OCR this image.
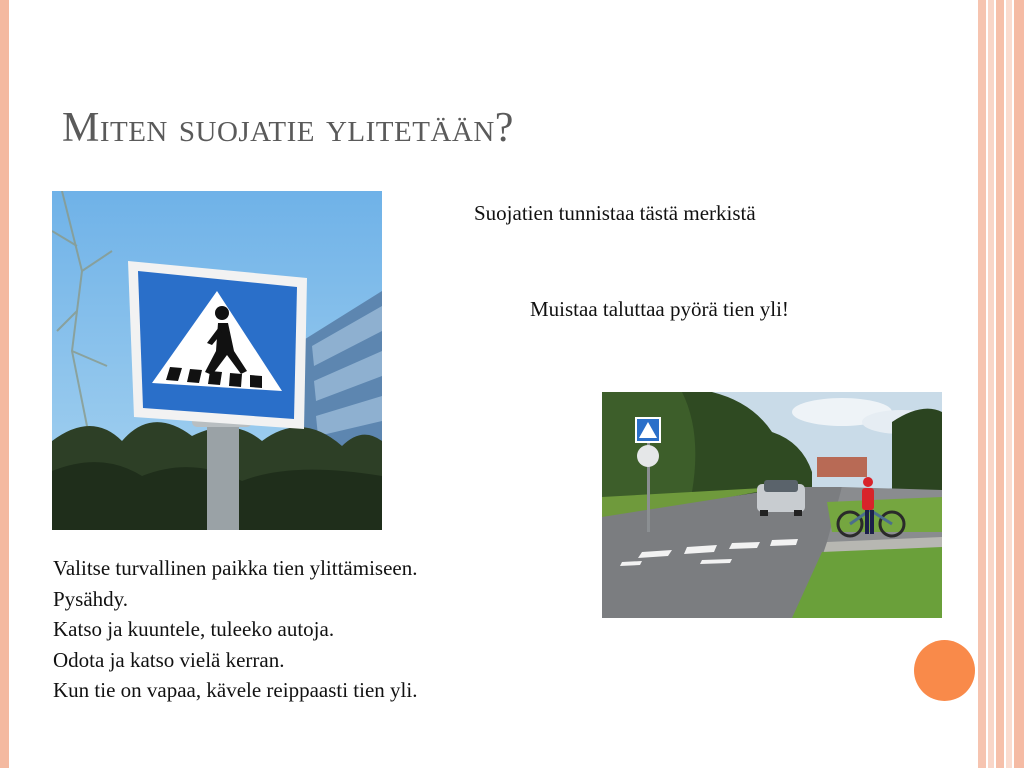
Miten suojatie ylitetään?
Suojatien tunnistaa tästä merkistä
Muistaa taluttaa pyörä tien yli!
Valitse turvallinen paikka tien ylittämiseen.
Pysähdy.
Katso ja kuuntele, tuleeko autoja.
Odota ja katso vielä kerran.
Kun tie on vapaa, kävele reippaasti tien yli.
